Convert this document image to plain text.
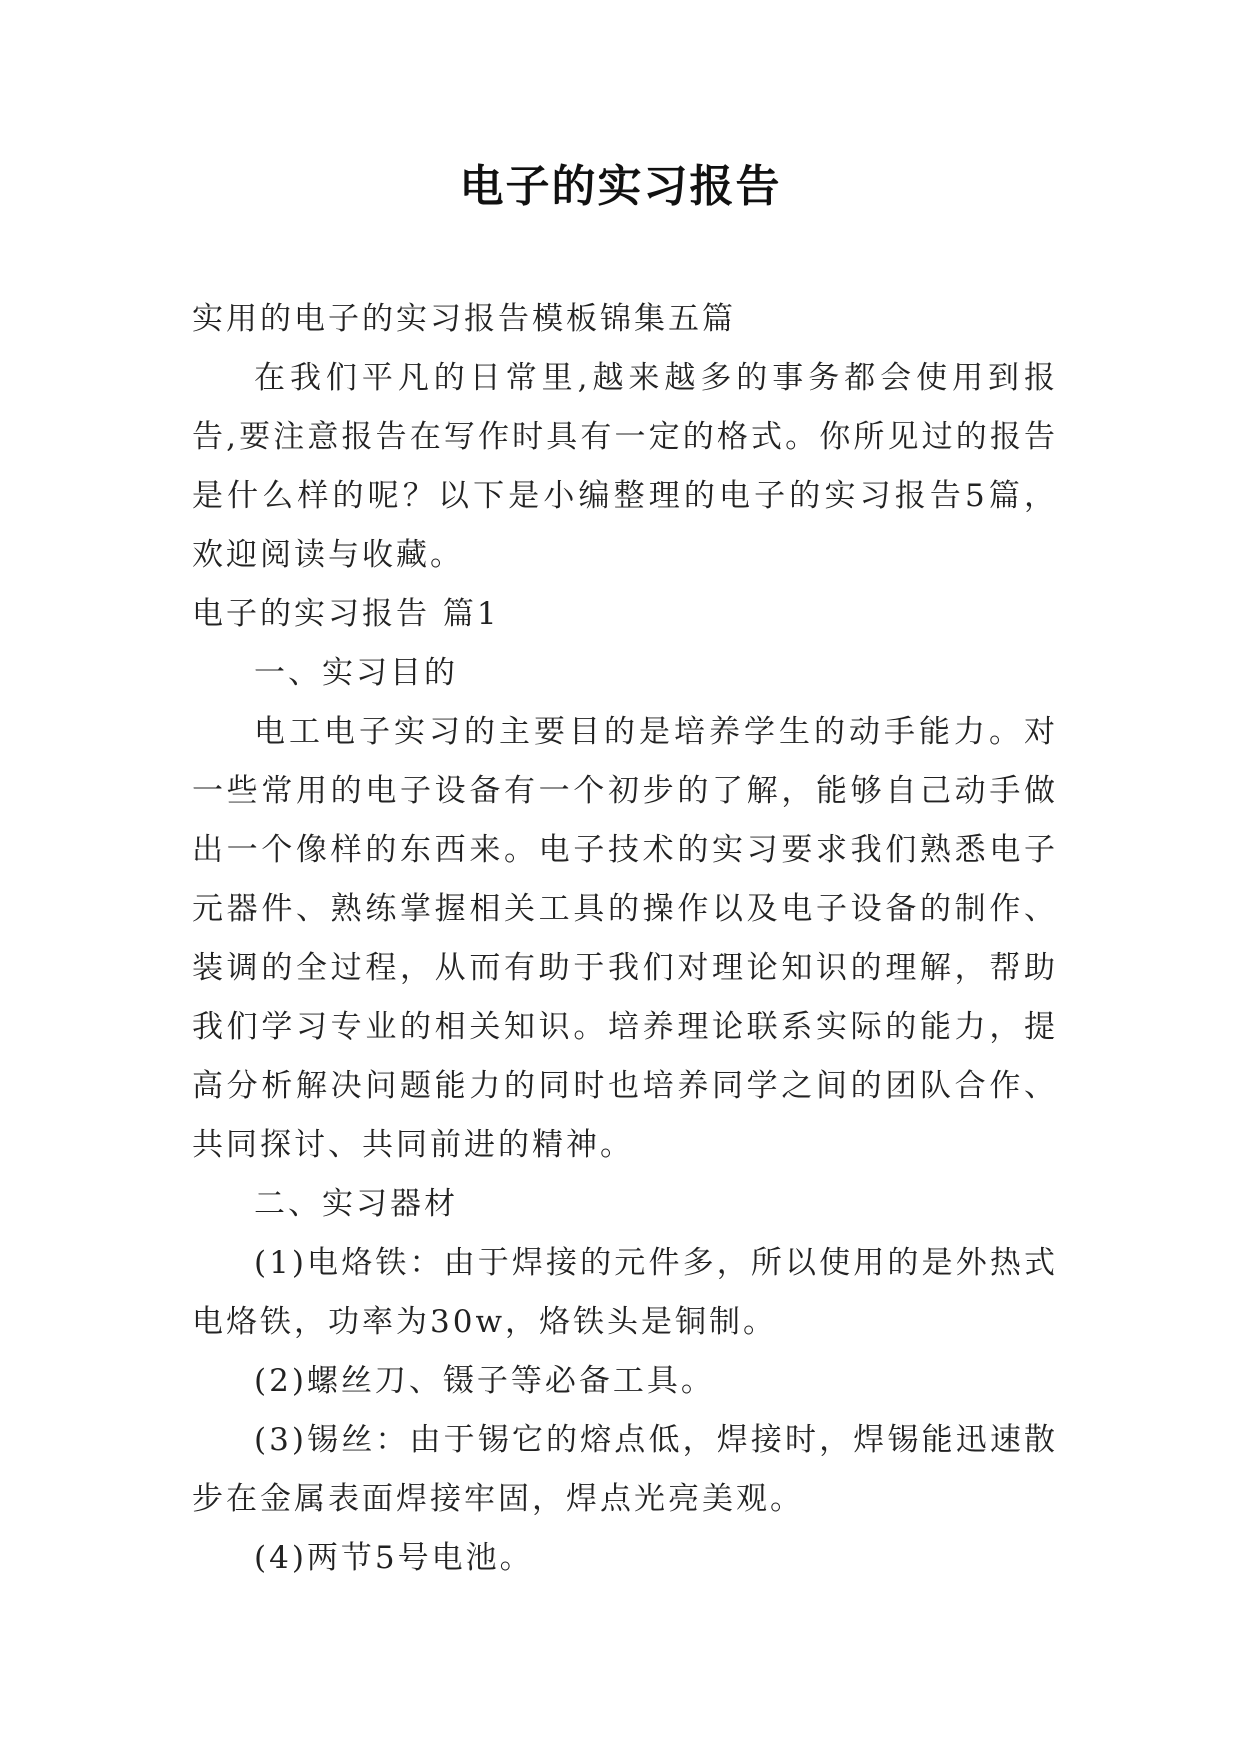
电子的实习报告

实用的电子的实习报告模板锦集五篇

在我们平凡的日常里,越来越多的事务都会使用到报告,要注意报告在写作时具有一定的格式。你所见过的报告是什么样的呢？以下是小编整理的电子的实习报告5篇，欢迎阅读与收藏。

电子的实习报告 篇1

一、实习目的

电工电子实习的主要目的是培养学生的动手能力。对一些常用的电子设备有一个初步的了解，能够自己动手做出一个像样的东西来。电子技术的实习要求我们熟悉电子元器件、熟练掌握相关工具的操作以及电子设备的制作、装调的全过程，从而有助于我们对理论知识的理解，帮助我们学习专业的相关知识。培养理论联系实际的能力，提高分析解决问题能力的同时也培养同学之间的团队合作、共同探讨、共同前进的精神。

二、实习器材

(1)电烙铁：由于焊接的元件多，所以使用的是外热式电烙铁，功率为30w，烙铁头是铜制。

(2)螺丝刀、镊子等必备工具。

(3)锡丝：由于锡它的熔点低，焊接时，焊锡能迅速散步在金属表面焊接牢固，焊点光亮美观。

(4)两节5号电池。
